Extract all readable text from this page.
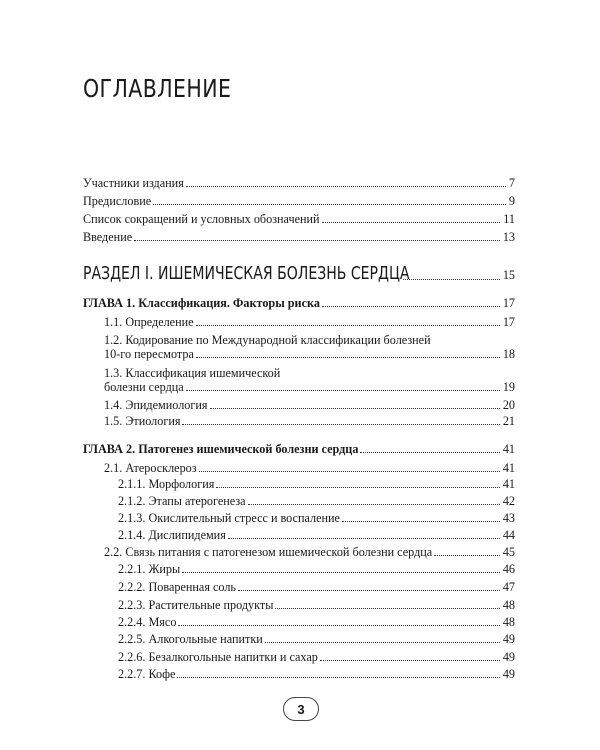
ОГЛАВЛЕНИЕ
Участники издания	7
Предисловие	9
Список сокращений и условных обозначений	11
Введение	13
РАЗДЕЛ I. ИШЕМИЧЕСКАЯ БОЛЕЗНЬ СЕРДЦА	15
ГЛАВА 1. Классификация. Факторы риска	17
1.1. Определение	17
1.2. Кодирование по Международной классификации болезней
10-го пересмотра	18
1.3. Классификация ишемической
болезни сердца	19
1.4. Эпидемиология	20
1.5. Этиология	21
ГЛАВА 2. Патогенез ишемической болезни сердца	41
2.1. Атеросклероз	41
2.1.1. Морфология	41
2.1.2. Этапы атерогенеза	42
2.1.3. Окислительный стресс и воспаление	43
2.1.4. Дислипидемия	44
2.2. Связь питания с патогенезом ишемической болезни сердца	45
2.2.1. Жиры	46
2.2.2. Поваренная соль	47
2.2.3. Растительные продукты	48
2.2.4. Мясо	48
2.2.5. Алкогольные напитки	49
2.2.6. Безалкогольные напитки и сахар	49
2.2.7. Кофе	49
3
